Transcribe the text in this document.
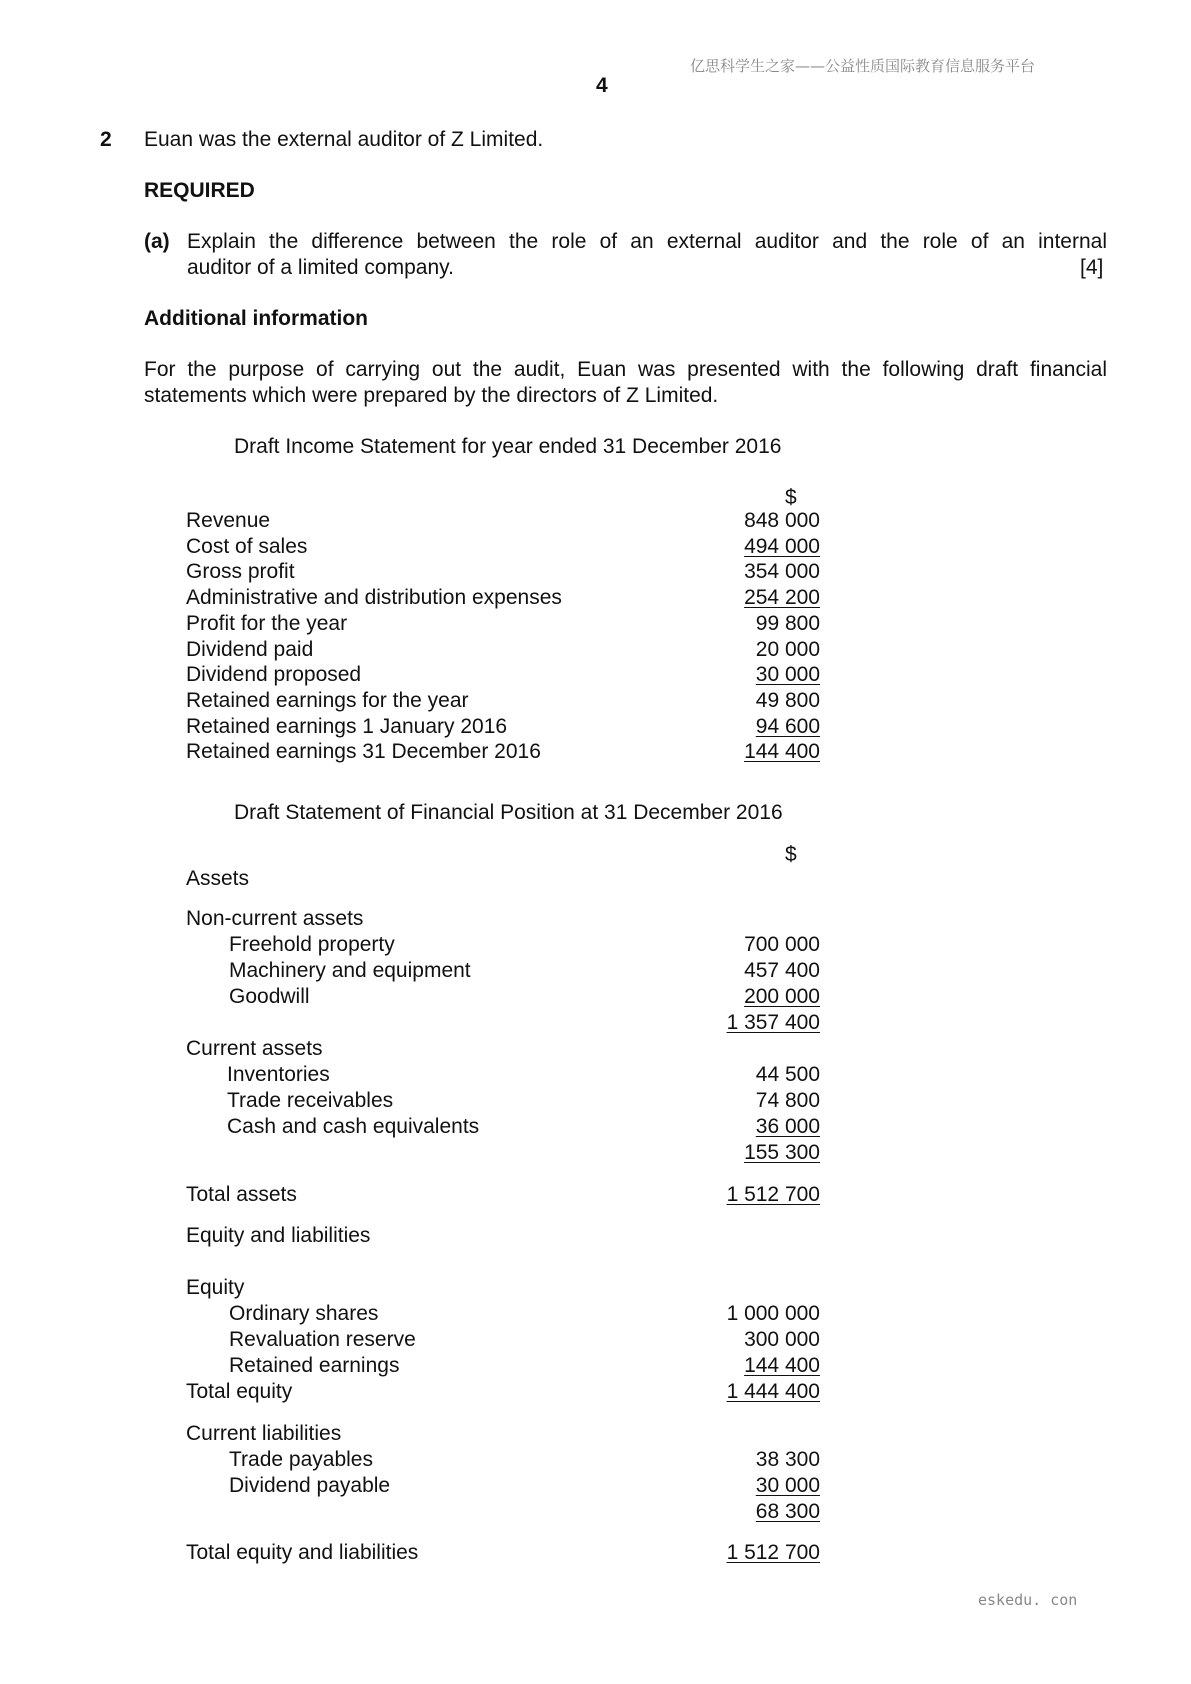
亿思科学生之家——公益性质国际教育信息服务平台
4
2 Euan was the external auditor of Z Limited.
REQUIRED
(a) Explain the difference between the role of an external auditor and the role of an internal
auditor of a limited company.	[4]
Additional information
For the purpose of carrying out the audit, Euan was presented with the following draft financial
statements which were prepared by the directors of Z Limited.
Draft Income Statement for year ended 31 December 2016
$
Revenue	848 000
Cost of sales	494 000
Gross profit	354 000
Administrative and distribution expenses	254 200
Profit for the year	99 800
Dividend paid	20 000
Dividend proposed	30 000
Retained earnings for the year	49 800
Retained earnings 1 January 2016	94 600
Retained earnings 31 December 2016	144 400
Draft Statement of Financial Position at 31 December 2016
$
Assets
Non-current assets
Freehold property	700 000
Machinery and equipment	457 400
Goodwill	200 000
1 357 400
Current assets
Inventories	44 500
Trade receivables	74 800
Cash and cash equivalents	36 000
155 300
Total assets	1 512 700
Equity and liabilities
Equity
Ordinary shares	1 000 000
Revaluation reserve	300 000
Retained earnings	144 400
Total equity	1 444 400
Current liabilities
Trade payables	38 300
Dividend payable	30 000
68 300
Total equity and liabilities	1 512 700
eskedu. con
